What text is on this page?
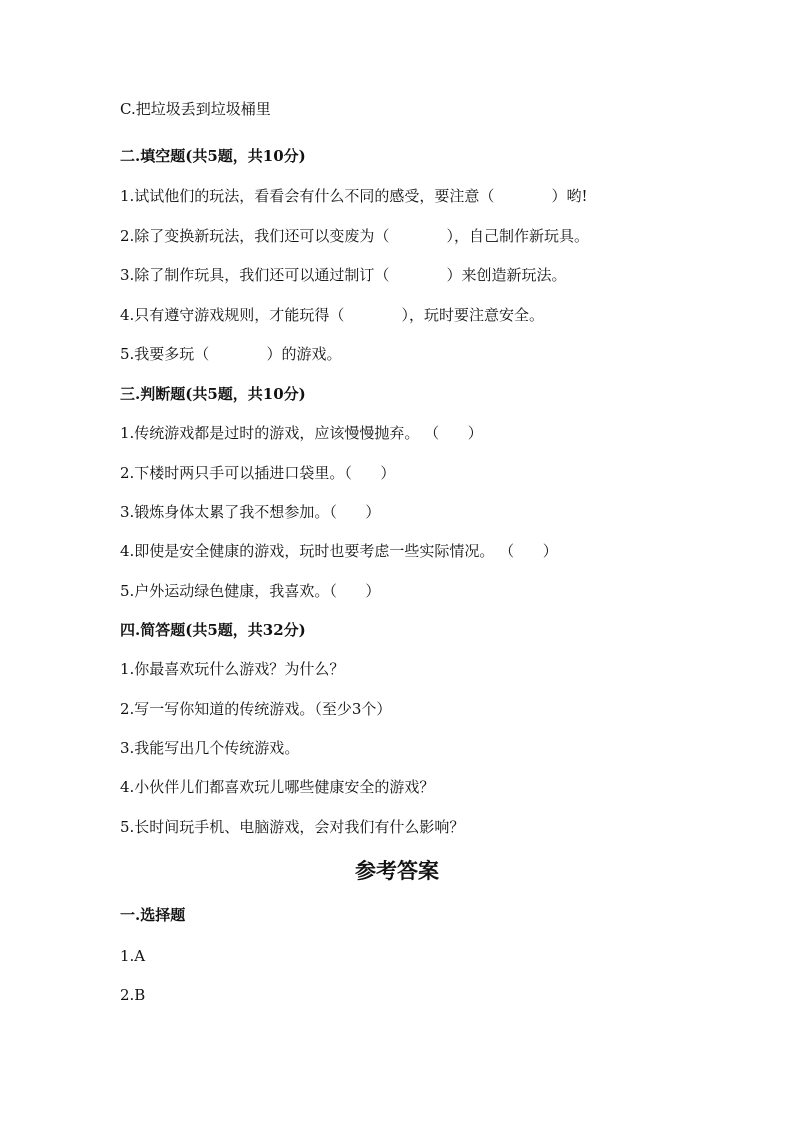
C.把垃圾丢到垃圾桶里
二.填空题(共5题，共10分)
1.试试他们的玩法，看看会有什么不同的感受，要注意（            ）哟!
2.除了变换新玩法，我们还可以变废为（            ），自己制作新玩具。
3.除了制作玩具，我们还可以通过制订（            ）来创造新玩法。
4.只有遵守游戏规则，才能玩得（            ），玩时要注意安全。
5.我要多玩（            ）的游戏。
三.判断题(共5题，共10分)
1.传统游戏都是过时的游戏，应该慢慢抛弃。 （      ）
2.下楼时两只手可以插进口袋里。（      ）
3.锻炼身体太累了我不想参加。（      ）
4.即使是安全健康的游戏，玩时也要考虑一些实际情况。 （      ）
5.户外运动绿色健康，我喜欢。（      ）
四.简答题(共5题，共32分)
1.你最喜欢玩什么游戏？为什么？
2.写一写你知道的传统游戏。（至少3个）
3.我能写出几个传统游戏。
4.小伙伴儿们都喜欢玩儿哪些健康安全的游戏？
5.长时间玩手机、电脑游戏，会对我们有什么影响？
参考答案
一.选择题
1.A
2.B
